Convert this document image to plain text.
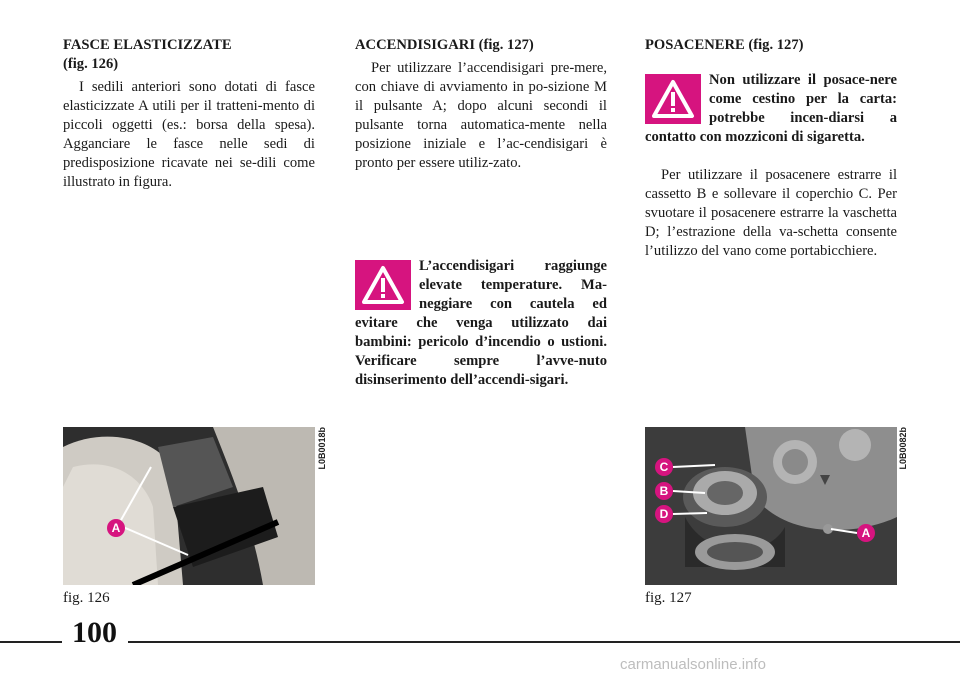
FASCE ELASTICIZZATE

(fig. 126)

I sedili anteriori sono dotati di fasce elasticizzate A utili per il tratteni-mento di piccoli oggetti (es.: borsa della spesa). Agganciare le fasce nelle sedi di predisposizione ricavate nei se-dili come illustrato in figura.

ACCENDISIGARI (fig. 127)

Per utilizzare l’accendisigari pre-mere, con chiave di avviamento in po-sizione M il pulsante A; dopo alcuni secondi il pulsante torna automatica-mente nella posizione iniziale e l’ac-cendisigari è pronto per essere utiliz-zato.

L’accendisigari raggiunge elevate temperature. Ma-neggiare con cautela ed evitare che venga utilizzato dai bambini: pericolo d’incendio o ustioni. Verificare sempre l’avve-nuto disinserimento dell’accendi-sigari.

POSACENERE (fig. 127)

Non utilizzare il posace-nere come cestino per la carta: potrebbe incen-diarsi a contatto con mozziconi di sigaretta.

Per utilizzare il posacenere estrarre il cassetto B e sollevare il coperchio C. Per svuotare il posacenere estrarre la vaschetta D; l’estrazione della va-schetta consente l’utilizzo del vano come portabicchiere.

A
L0B0018b
fig. 126
C
B
D
A
L0B0082b
fig. 127
100
carmanualsonline.info
